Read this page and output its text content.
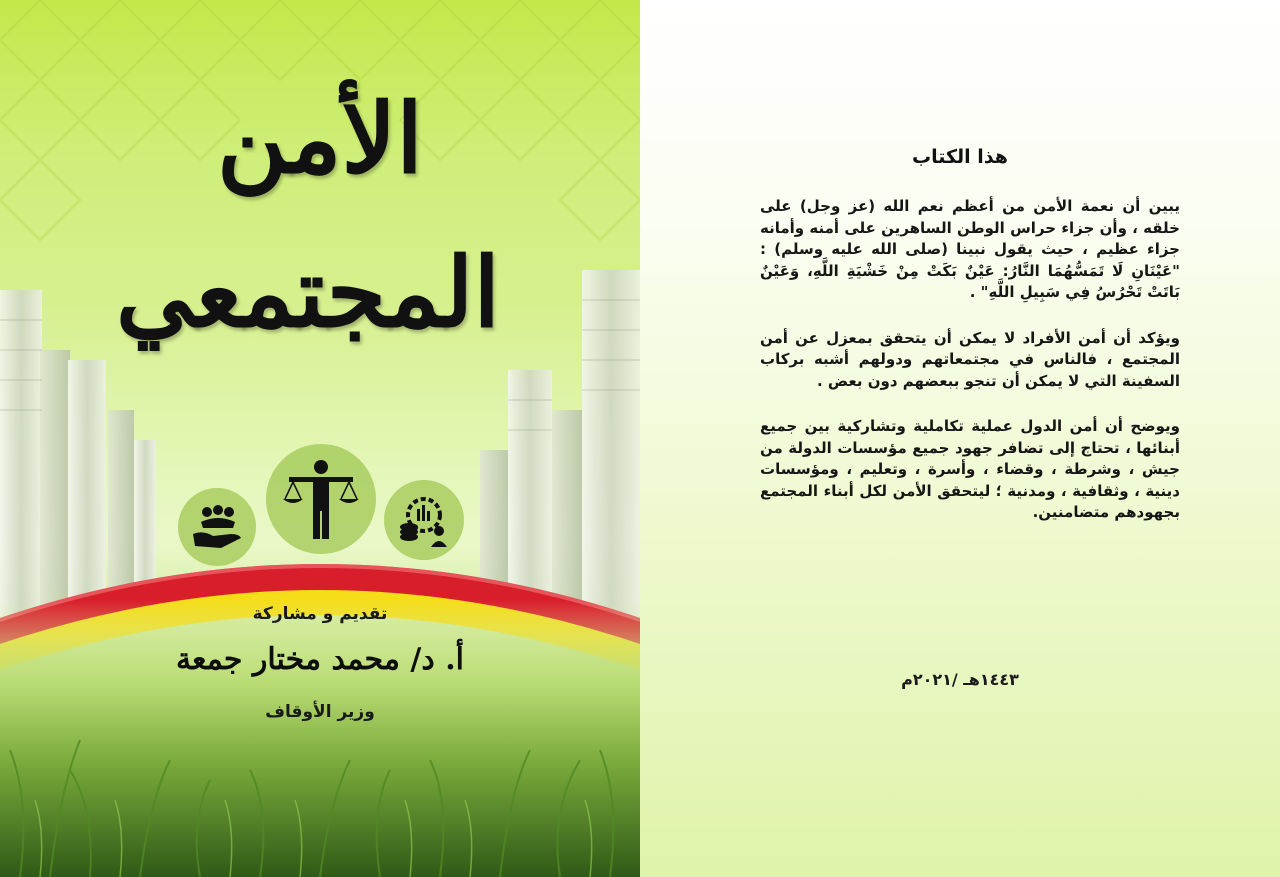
الأمن المجتمعي
تقديم و مشاركة
أ. د/ محمد مختار جمعة
وزير الأوقاف
هذا الكتاب

يبين أن نعمة الأمن من أعظم نعم الله (عز وجل) على خلقه ، وأن جزاء حراس الوطن الساهرين على أمنه وأمانه جزاء عظيم ، حيث يقول نبينا (صلى الله عليه وسلم) : "عَيْنَانِ لَا تَمَسُّهُمَا النَّارُ: عَيْنٌ بَكَتْ مِنْ خَشْيَةِ اللَّهِ، وَعَيْنٌ بَاتَتْ تَحْرُسُ فِي سَبِيلِ اللَّهِ" .

ويؤكد أن أمن الأفراد لا يمكن أن يتحقق بمعزل عن أمن المجتمع ، فالناس في مجتمعاتهم ودولهم أشبه بركاب السفينة التي لا يمكن أن تنجو ببعضهم دون بعض .

ويوضح أن أمن الدول عملية تكاملية وتشاركية بين جميع أبنائها ، تحتاج إلى تضافر جهود جميع مؤسسات الدولة من جيش ، وشرطة ، وقضاء ، وأسرة ، وتعليم ، ومؤسسات دينية ، وثقافية ، ومدنية ؛ ليتحقق الأمن لكل أبناء المجتمع بجهودهم متضامنين.

١٤٤٣هـ /٢٠٢١م
